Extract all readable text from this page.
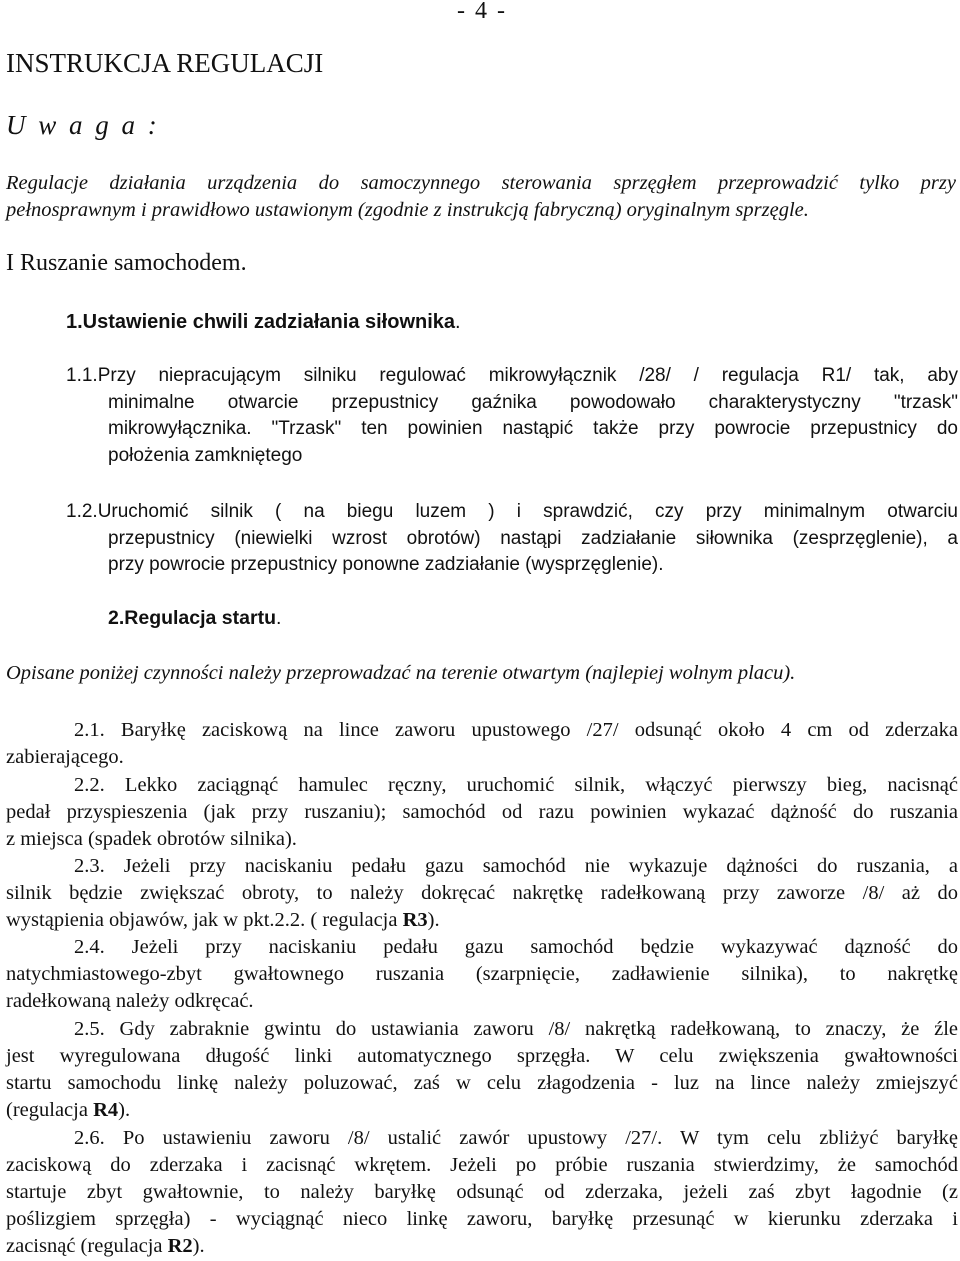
- 4 -
INSTRUKCJA REGULACJI
U w a g a :
Regulacje działania urządzenia do samoczynnego sterowania sprzęgłem przeprowadzić tylko przy
pełnosprawnym i prawidłowo ustawionym (zgodnie z instrukcją fabryczną) oryginalnym sprzęgle.
I Ruszanie samochodem.
1.Ustawienie chwili zadziałania siłownika.
1.1.Przy niepracującym silniku regulować mikrowyłącznik /28/ / regulacja R1/ tak, aby
minimalne otwarcie przepustnicy gaźnika powodowało charakterystyczny "trzask"
mikrowyłącznika. "Trzask" ten powinien nastąpić także przy powrocie przepustnicy do
położenia zamkniętego
1.2.Uruchomić silnik ( na biegu luzem ) i sprawdzić, czy przy minimalnym otwarciu
przepustnicy (niewielki wzrost obrotów) nastąpi zadziałanie siłownika (zesprzęglenie), a
przy powrocie przepustnicy ponowne zadziałanie (wysprzęglenie).
2.Regulacja startu.
Opisane poniżej czynności należy przeprowadzać na terenie otwartym (najlepiej wolnym placu).
2.1. Baryłkę zaciskową na lince zaworu upustowego /27/ odsunąć około 4 cm od zderzaka
zabierającego.
2.2. Lekko zaciągnąć hamulec ręczny, uruchomić silnik, włączyć pierwszy bieg, nacisnąć
pedał przyspieszenia (jak przy ruszaniu); samochód od razu powinien wykazać dążność do ruszania
z miejsca (spadek obrotów silnika).
2.3. Jeżeli przy naciskaniu pedału gazu samochód nie wykazuje dążności do ruszania, a
silnik będzie zwiększać obroty, to należy dokręcać nakrętkę radełkowaną przy zaworze /8/ aż do
wystąpienia objawów, jak w pkt.2.2. ( regulacja R3).
2.4. Jeżeli przy naciskaniu pedału gazu samochód będzie wykazywać dązność do
natychmiastowego-zbyt gwałtownego ruszania (szarpnięcie, zadławienie silnika), to nakrętkę
radełkowaną należy odkręcać.
2.5. Gdy zabraknie gwintu do ustawiania zaworu /8/ nakrętką radełkowaną, to znaczy, że źle
jest wyregulowana długość linki automatycznego sprzęgła. W celu zwiększenia gwałtowności
startu samochodu linkę należy poluzować, zaś w celu złagodzenia - luz na lince należy zmiejszyć
(regulacja R4).
2.6. Po ustawieniu zaworu /8/ ustalić zawór upustowy /27/. W tym celu zbliżyć baryłkę
zaciskową do zderzaka i zacisnąć wkrętem. Jeżeli po próbie ruszania stwierdzimy, że samochód
startuje zbyt gwałtownie, to należy baryłkę odsunąć od zderzaka, jeżeli zaś zbyt łagodnie (z
poślizgiem sprzęgła) - wyciągnąć nieco linkę zaworu, baryłkę przesunąć w kierunku zderzaka i
zacisnąć (regulacja R2).
